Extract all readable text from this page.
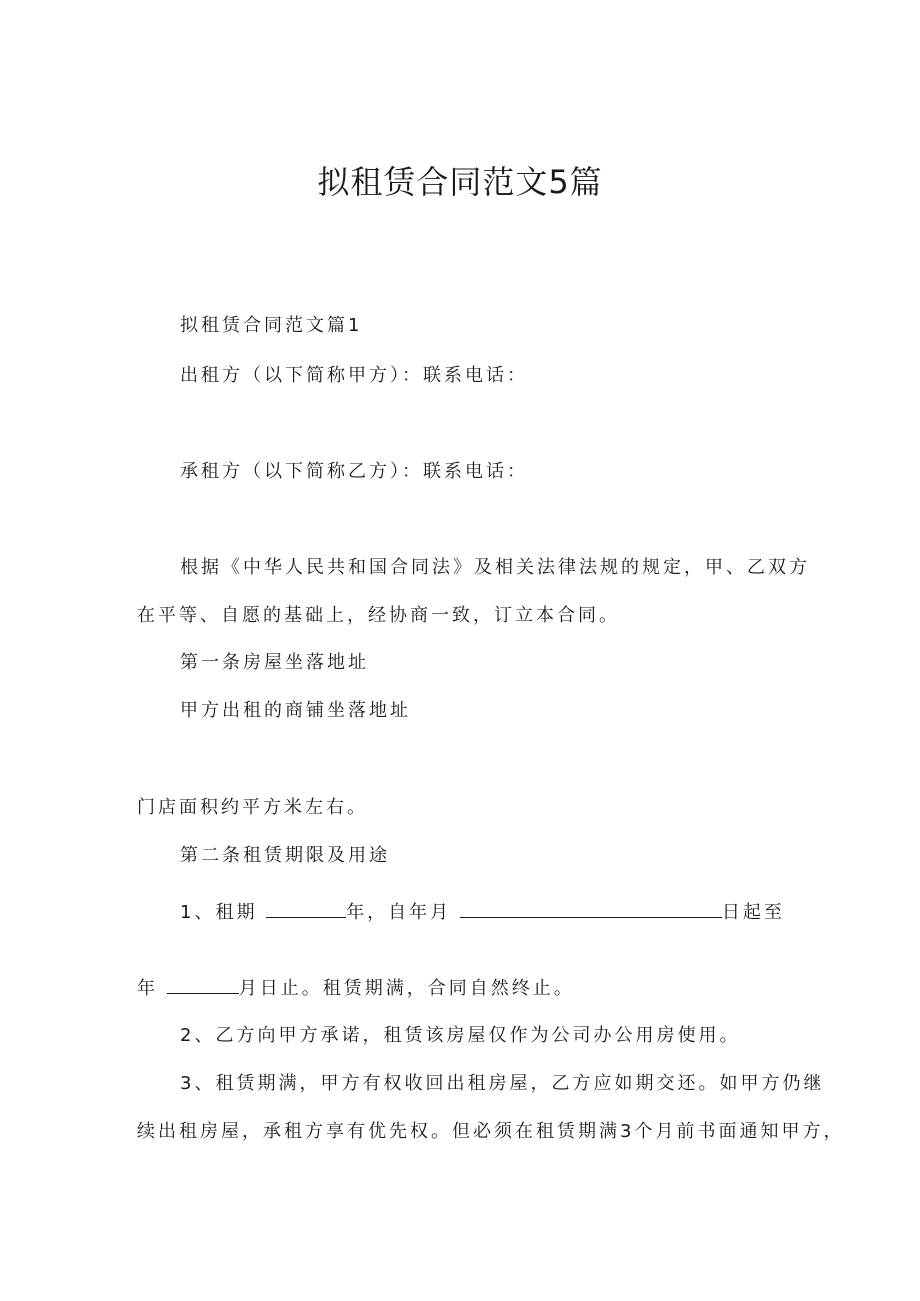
拟租赁合同范文5篇
拟租赁合同范文篇1
出租方（以下简称甲方）：联系电话：
承租方（以下简称乙方）：联系电话：
根据《中华人民共和国合同法》及相关法律法规的规定，甲、乙双方
在平等、自愿的基础上，经协商一致，订立本合同。
第一条房屋坐落地址
甲方出租的商铺坐落地址
门店面积约平方米左右。
第二条租赁期限及用途
1、租期	年，自年月	日起至
年	月日止。租赁期满，合同自然终止。
2、乙方向甲方承诺，租赁该房屋仅作为公司办公用房使用。
3、租赁期满，甲方有权收回出租房屋，乙方应如期交还。如甲方仍继
续出租房屋，承租方享有优先权。但必须在租赁期满3个月前书面通知甲方，
